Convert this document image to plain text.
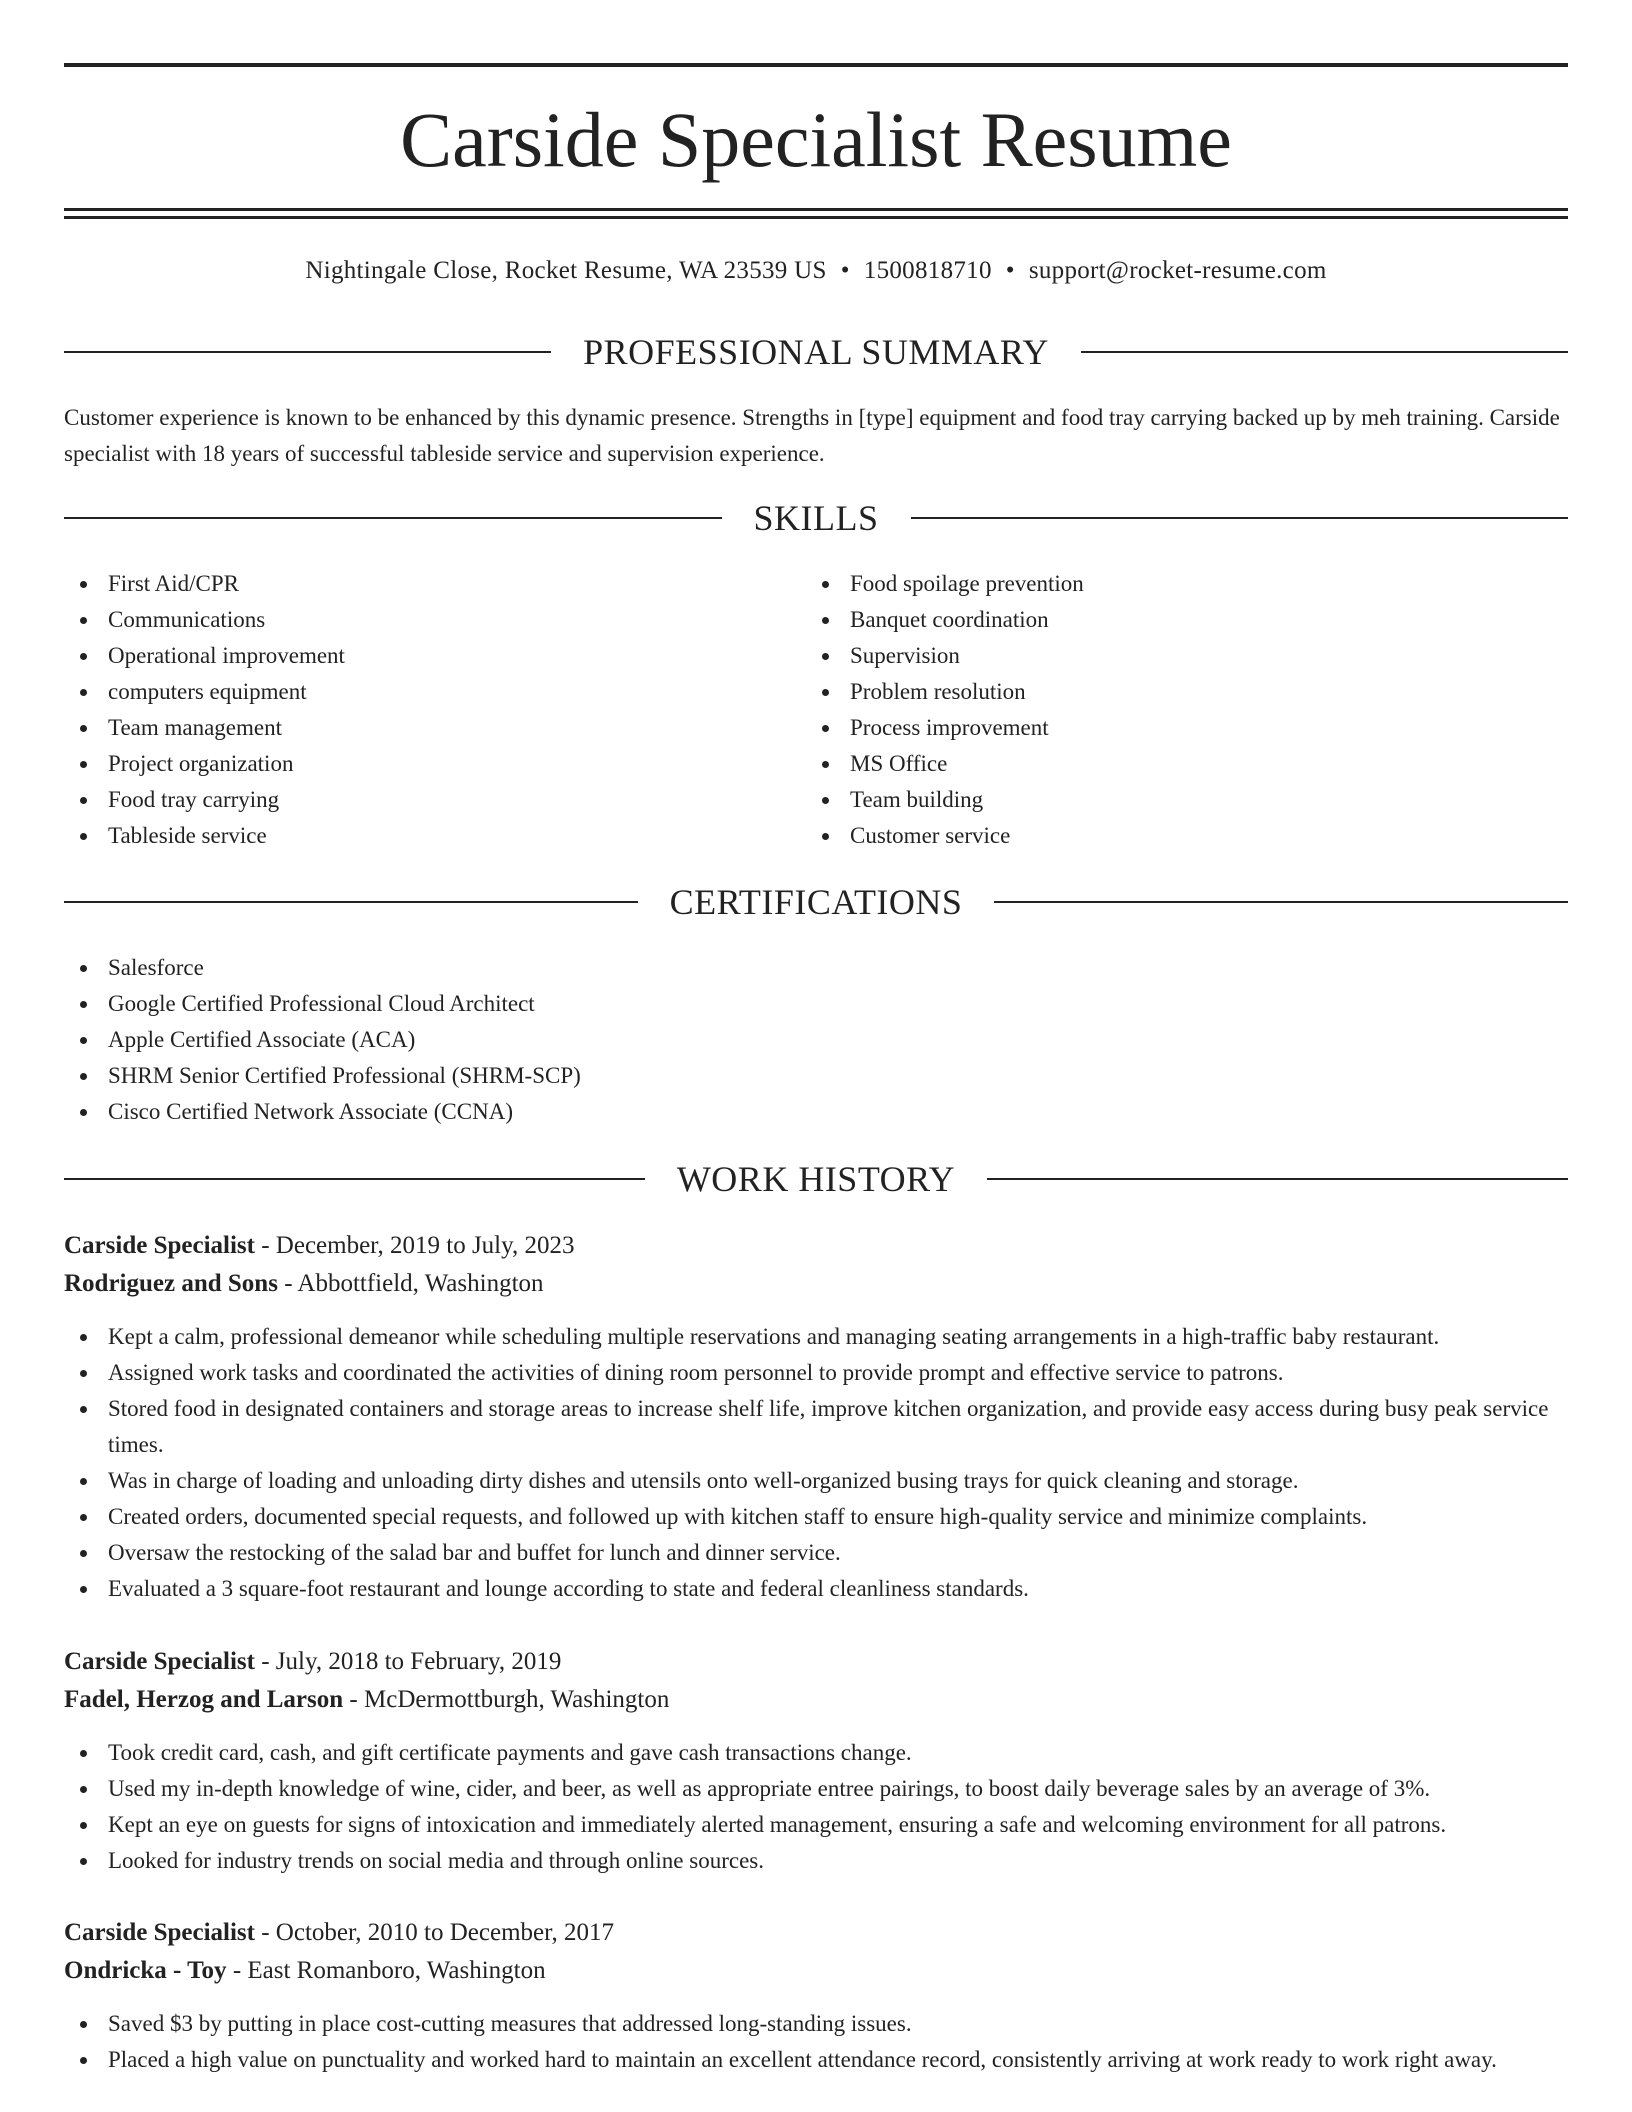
Carside Specialist Resume
Nightingale Close, Rocket Resume, WA 23539 US • 1500818710 • support@rocket-resume.com
PROFESSIONAL SUMMARY

Customer experience is known to be enhanced by this dynamic presence. Strengths in [type] equipment and food tray carrying backed up by meh training. Carside specialist with 18 years of successful tableside service and supervision experience.

SKILLS
First Aid/CPR
Communications
Operational improvement
computers equipment
Team management
Project organization
Food tray carrying
Tableside service
Food spoilage prevention
Banquet coordination
Supervision
Problem resolution
Process improvement
MS Office
Team building
Customer service
CERTIFICATIONS
Salesforce
Google Certified Professional Cloud Architect
Apple Certified Associate (ACA)
SHRM Senior Certified Professional (SHRM-SCP)
Cisco Certified Network Associate (CCNA)
WORK HISTORY
Carside Specialist - December, 2019 to July, 2023
Rodriguez and Sons - Abbottfield, Washington
Kept a calm, professional demeanor while scheduling multiple reservations and managing seating arrangements in a high-traffic baby restaurant.
Assigned work tasks and coordinated the activities of dining room personnel to provide prompt and effective service to patrons.
Stored food in designated containers and storage areas to increase shelf life, improve kitchen organization, and provide easy access during busy peak service times.
Was in charge of loading and unloading dirty dishes and utensils onto well-organized busing trays for quick cleaning and storage.
Created orders, documented special requests, and followed up with kitchen staff to ensure high-quality service and minimize complaints.
Oversaw the restocking of the salad bar and buffet for lunch and dinner service.
Evaluated a 3 square-foot restaurant and lounge according to state and federal cleanliness standards.
Carside Specialist - July, 2018 to February, 2019
Fadel, Herzog and Larson - McDermottburgh, Washington
Took credit card, cash, and gift certificate payments and gave cash transactions change.
Used my in-depth knowledge of wine, cider, and beer, as well as appropriate entree pairings, to boost daily beverage sales by an average of 3%.
Kept an eye on guests for signs of intoxication and immediately alerted management, ensuring a safe and welcoming environment for all patrons.
Looked for industry trends on social media and through online sources.
Carside Specialist - October, 2010 to December, 2017
Ondricka - Toy - East Romanboro, Washington
Saved $3 by putting in place cost-cutting measures that addressed long-standing issues.
Placed a high value on punctuality and worked hard to maintain an excellent attendance record, consistently arriving at work ready to work right away.
